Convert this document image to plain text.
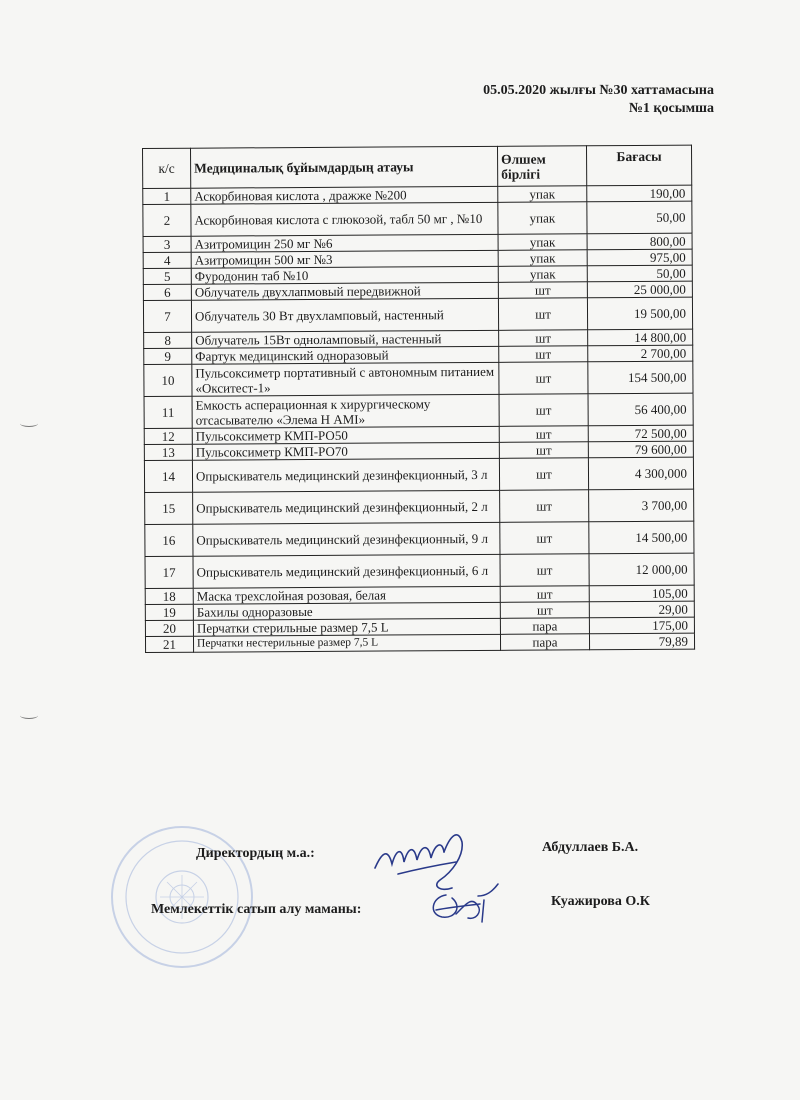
05.05.2020 жылғы №30 хаттамасына
№1 қосымша
к/с	Медициналық бұйымдардың атауы	Өлшем бірлігі	Бағасы
1	Аскорбиновая кислота , дражже №200	упак	190,00
2	Аскорбиновая кислота с глюкозой, табл 50 мг , №10	упак	50,00
3	Азитромицин 250 мг №6	упак	800,00
4	Азитромицин 500 мг №3	упак	975,00
5	Фуродонин таб №10	упак	50,00
6	Облучатель двухлапмовый передвижной	шт	25 000,00
7	Облучатель 30 Вт двухламповый, настенный	шт	19 500,00
8	Облучатель 15Вт одноламповый, настенный	шт	14 800,00
9	Фартук медицинский одноразовый	шт	2 700,00
10	Пульсоксиметр портативный с автономным питанием «Окситест-1»	шт	154 500,00
11	Емкость асперационная к хирургическому отсасывателю «Элема Н АМI»	шт	56 400,00
12	Пульсоксиметр КМП-РО50	шт	72 500,00
13	Пульсоксиметр КМП-РО70	шт	79 600,00
14	Опрыскиватель медицинский дезинфекционный, 3 л	шт	4 300,000
15	Опрыскиватель медицинский дезинфекционный, 2 л	шт	3 700,00
16	Опрыскиватель медицинский дезинфекционный, 9 л	шт	14 500,00
17	Опрыскиватель медицинский дезинфекционный, 6 л	шт	12 000,00
18	Маска трехслойная розовая, белая	шт	105,00
19	Бахилы одноразовые	шт	29,00
20	Перчатки стерильные размер 7,5 L	пара	175,00
21	Перчатки нестерильные размер 7,5 L	пара	79,89
Директордың м.а.:	Абдуллаев Б.А.
Мемлекеттік сатып алу маманы:
Куажирова О.К
